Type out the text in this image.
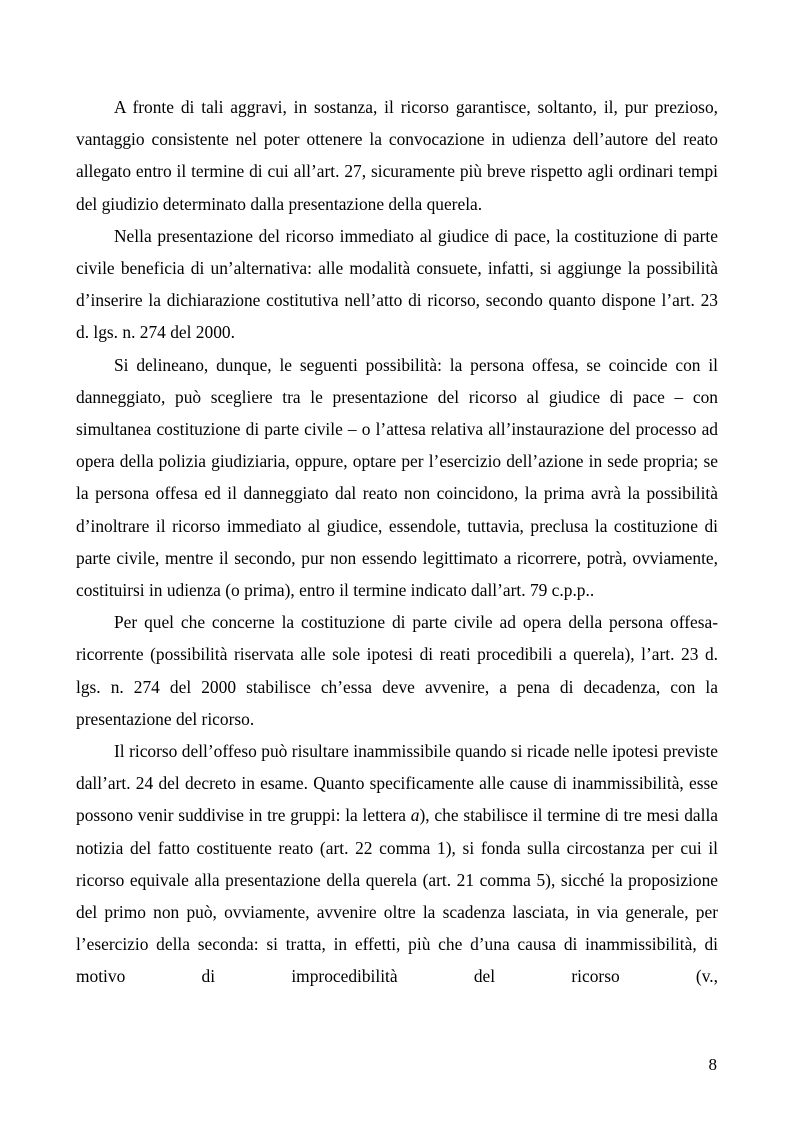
A fronte di tali aggravi, in sostanza, il ricorso garantisce, soltanto, il, pur prezioso, vantaggio consistente nel poter ottenere la convocazione in udienza dell’autore del reato allegato entro il termine di cui all’art. 27, sicuramente più breve rispetto agli ordinari tempi del giudizio determinato dalla presentazione della querela.

Nella presentazione del ricorso immediato al giudice di pace, la costituzione di parte civile beneficia di un’alternativa: alle modalità consuete, infatti, si aggiunge la possibilità d’inserire la dichiarazione costitutiva nell’atto di ricorso, secondo quanto dispone l’art. 23 d. lgs. n. 274 del 2000.

Si delineano, dunque, le seguenti possibilità: la persona offesa, se coincide con il danneggiato, può scegliere tra le presentazione del ricorso al giudice di pace – con simultanea costituzione di parte civile – o l’attesa relativa all’instaurazione del processo ad opera della polizia giudiziaria, oppure, optare per l’esercizio dell’azione in sede propria; se la persona offesa ed il danneggiato dal reato non coincidono, la prima avrà la possibilità d’inoltrare il ricorso immediato al giudice, essendole, tuttavia, preclusa la costituzione di parte civile, mentre il secondo, pur non essendo legittimato a ricorrere, potrà, ovviamente, costituirsi in udienza (o prima), entro il termine indicato dall’art. 79 c.p.p..

Per quel che concerne la costituzione di parte civile ad opera della persona offesa-ricorrente (possibilità riservata alle sole ipotesi di reati procedibili a querela), l’art. 23 d. lgs. n. 274 del 2000 stabilisce ch’essa deve avvenire, a pena di decadenza, con la presentazione del ricorso.

Il ricorso dell’offeso può risultare inammissibile quando si ricade nelle ipotesi previste dall’art. 24 del decreto in esame. Quanto specificamente alle cause di inammissibilità, esse possono venir suddivise in tre gruppi: la lettera a), che stabilisce il termine di tre mesi dalla notizia del fatto costituente reato (art. 22 comma 1), si fonda sulla circostanza per cui il ricorso equivale alla presentazione della querela (art. 21 comma 5), sicché la proposizione del primo non può, ovviamente, avvenire oltre la scadenza lasciata, in via generale, per l’esercizio della seconda: si tratta, in effetti, più che d’una causa di inammissibilità, di motivo di improcedibilità del ricorso (v.,

8
